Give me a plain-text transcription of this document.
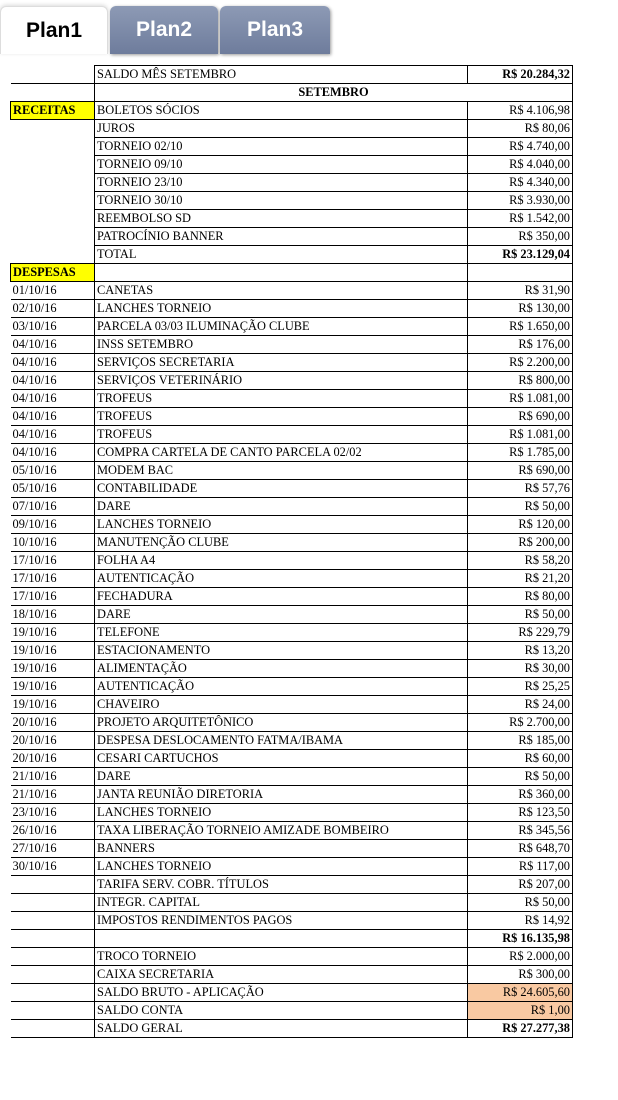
Plan1	Plan2	Plan3
	SALDO MÊS SETEMBRO	R$ 20.284,32
	SETEMBRO	
RECEITAS	BOLETOS SÓCIOS	R$ 4.106,98
	JUROS	R$ 80,06
	TORNEIO 02/10	R$ 4.740,00
	TORNEIO 09/10	R$ 4.040,00
	TORNEIO 23/10	R$ 4.340,00
	TORNEIO 30/10	R$ 3.930,00
	REEMBOLSO SD	R$ 1.542,00
	PATROCÍNIO BANNER	R$ 350,00
	TOTAL	R$ 23.129,04
DESPESAS		
01/10/16	CANETAS	R$ 31,90
02/10/16	LANCHES TORNEIO	R$ 130,00
03/10/16	PARCELA 03/03 ILUMINAÇÃO CLUBE	R$ 1.650,00
04/10/16	INSS SETEMBRO	R$ 176,00
04/10/16	SERVIÇOS SECRETARIA	R$ 2.200,00
04/10/16	SERVIÇOS VETERINÁRIO	R$ 800,00
04/10/16	TROFEUS	R$ 1.081,00
04/10/16	TROFEUS	R$ 690,00
04/10/16	TROFEUS	R$ 1.081,00
04/10/16	COMPRA CARTELA DE CANTO PARCELA 02/02	R$ 1.785,00
05/10/16	MODEM BAC	R$ 690,00
05/10/16	CONTABILIDADE	R$ 57,76
07/10/16	DARE	R$ 50,00
09/10/16	LANCHES TORNEIO	R$ 120,00
10/10/16	MANUTENÇÃO CLUBE	R$ 200,00
17/10/16	FOLHA A4	R$ 58,20
17/10/16	AUTENTICAÇÃO	R$ 21,20
17/10/16	FECHADURA	R$ 80,00
18/10/16	DARE	R$ 50,00
19/10/16	TELEFONE	R$ 229,79
19/10/16	ESTACIONAMENTO	R$ 13,20
19/10/16	ALIMENTAÇÃO	R$ 30,00
19/10/16	AUTENTICAÇÃO	R$ 25,25
19/10/16	CHAVEIRO	R$ 24,00
20/10/16	PROJETO ARQUITETÔNICO	R$ 2.700,00
20/10/16	DESPESA DESLOCAMENTO FATMA/IBAMA	R$ 185,00
20/10/16	CESARI CARTUCHOS	R$ 60,00
21/10/16	DARE	R$ 50,00
21/10/16	JANTA REUNIÃO DIRETORIA	R$ 360,00
23/10/16	LANCHES TORNEIO	R$ 123,50
26/10/16	TAXA LIBERAÇÃO TORNEIO AMIZADE BOMBEIRO	R$ 345,56
27/10/16	BANNERS	R$ 648,70
30/10/16	LANCHES TORNEIO	R$ 117,00
	TARIFA SERV. COBR. TÍTULOS	R$ 207,00
	INTEGR. CAPITAL	R$ 50,00
	IMPOSTOS RENDIMENTOS PAGOS	R$ 14,92
		R$ 16.135,98
	TROCO TORNEIO	R$ 2.000,00
	CAIXA SECRETARIA	R$ 300,00
	SALDO BRUTO - APLICAÇÃO	R$ 24.605,60
	SALDO CONTA	R$ 1,00
	SALDO GERAL	R$ 27.277,38
